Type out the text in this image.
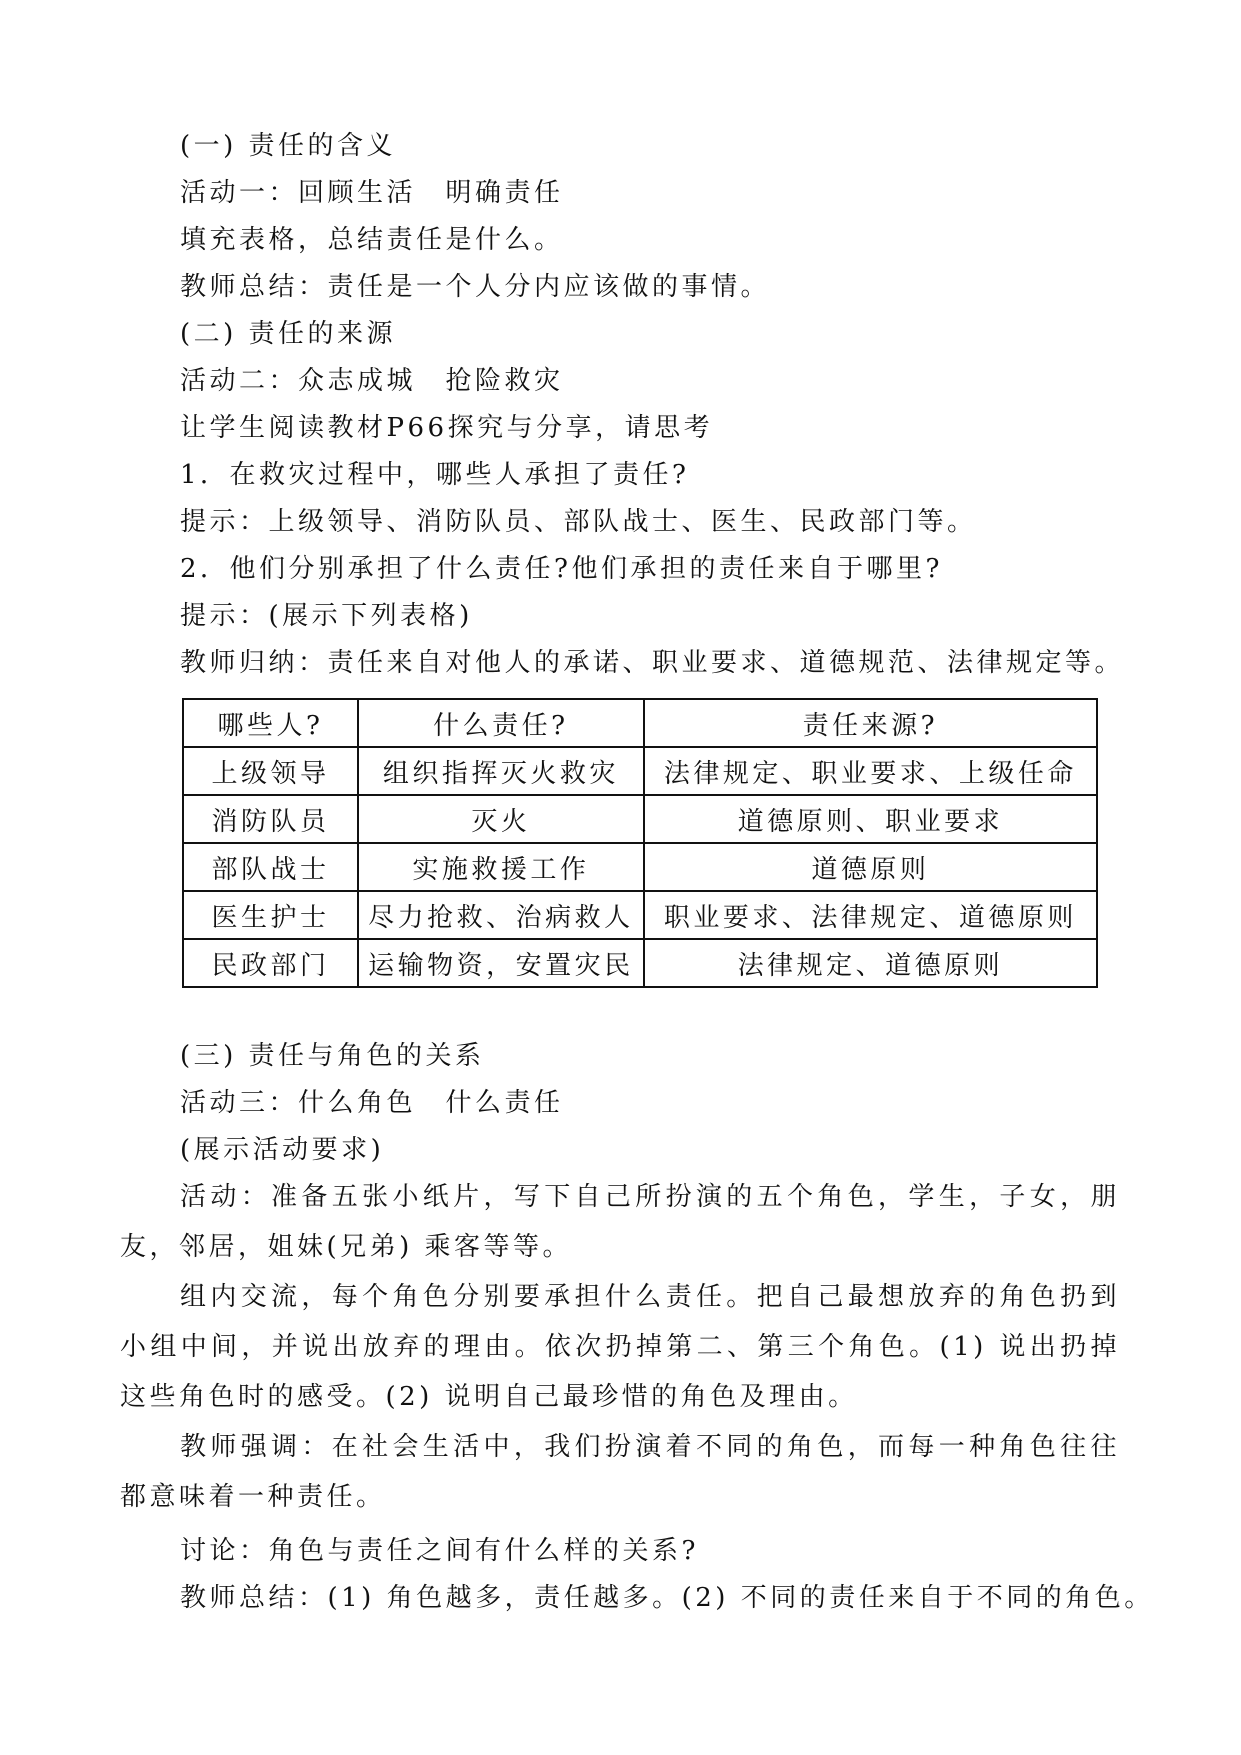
(一) 责任的含义

活动一：回顾生活　明确责任

填充表格，总结责任是什么。

教师总结：责任是一个人分内应该做的事情。

(二) 责任的来源

活动二：众志成城　抢险救灾

让学生阅读教材P66探究与分享，请思考

1．在救灾过程中，哪些人承担了责任?

提示：上级领导、消防队员、部队战士、医生、民政部门等。

2．他们分别承担了什么责任?他们承担的责任来自于哪里?

提示：(展示下列表格)

教师归纳：责任来自对他人的承诺、职业要求、道德规范、法律规定等。

哪些人?	什么责任?	责任来源?
上级领导	组织指挥灭火救灾	法律规定、职业要求、上级任命
消防队员	灭火	道德原则、职业要求
部队战士	实施救援工作	道德原则
医生护士	尽力抢救、治病救人	职业要求、法律规定、道德原则
民政部门	运输物资，安置灾民	法律规定、道德原则

(三) 责任与角色的关系

活动三：什么角色　什么责任

(展示活动要求)

活动：准备五张小纸片，写下自己所扮演的五个角色，学生，子女，朋友，邻居，姐妹(兄弟) 乘客等等。

组内交流，每个角色分别要承担什么责任。把自己最想放弃的角色扔到小组中间，并说出放弃的理由。依次扔掉第二、第三个角色。(1) 说出扔掉这些角色时的感受。(2) 说明自己最珍惜的角色及理由。

教师强调：在社会生活中，我们扮演着不同的角色，而每一种角色往往都意味着一种责任。

讨论：角色与责任之间有什么样的关系?

教师总结：(1) 角色越多，责任越多。(2) 不同的责任来自于不同的角色。
